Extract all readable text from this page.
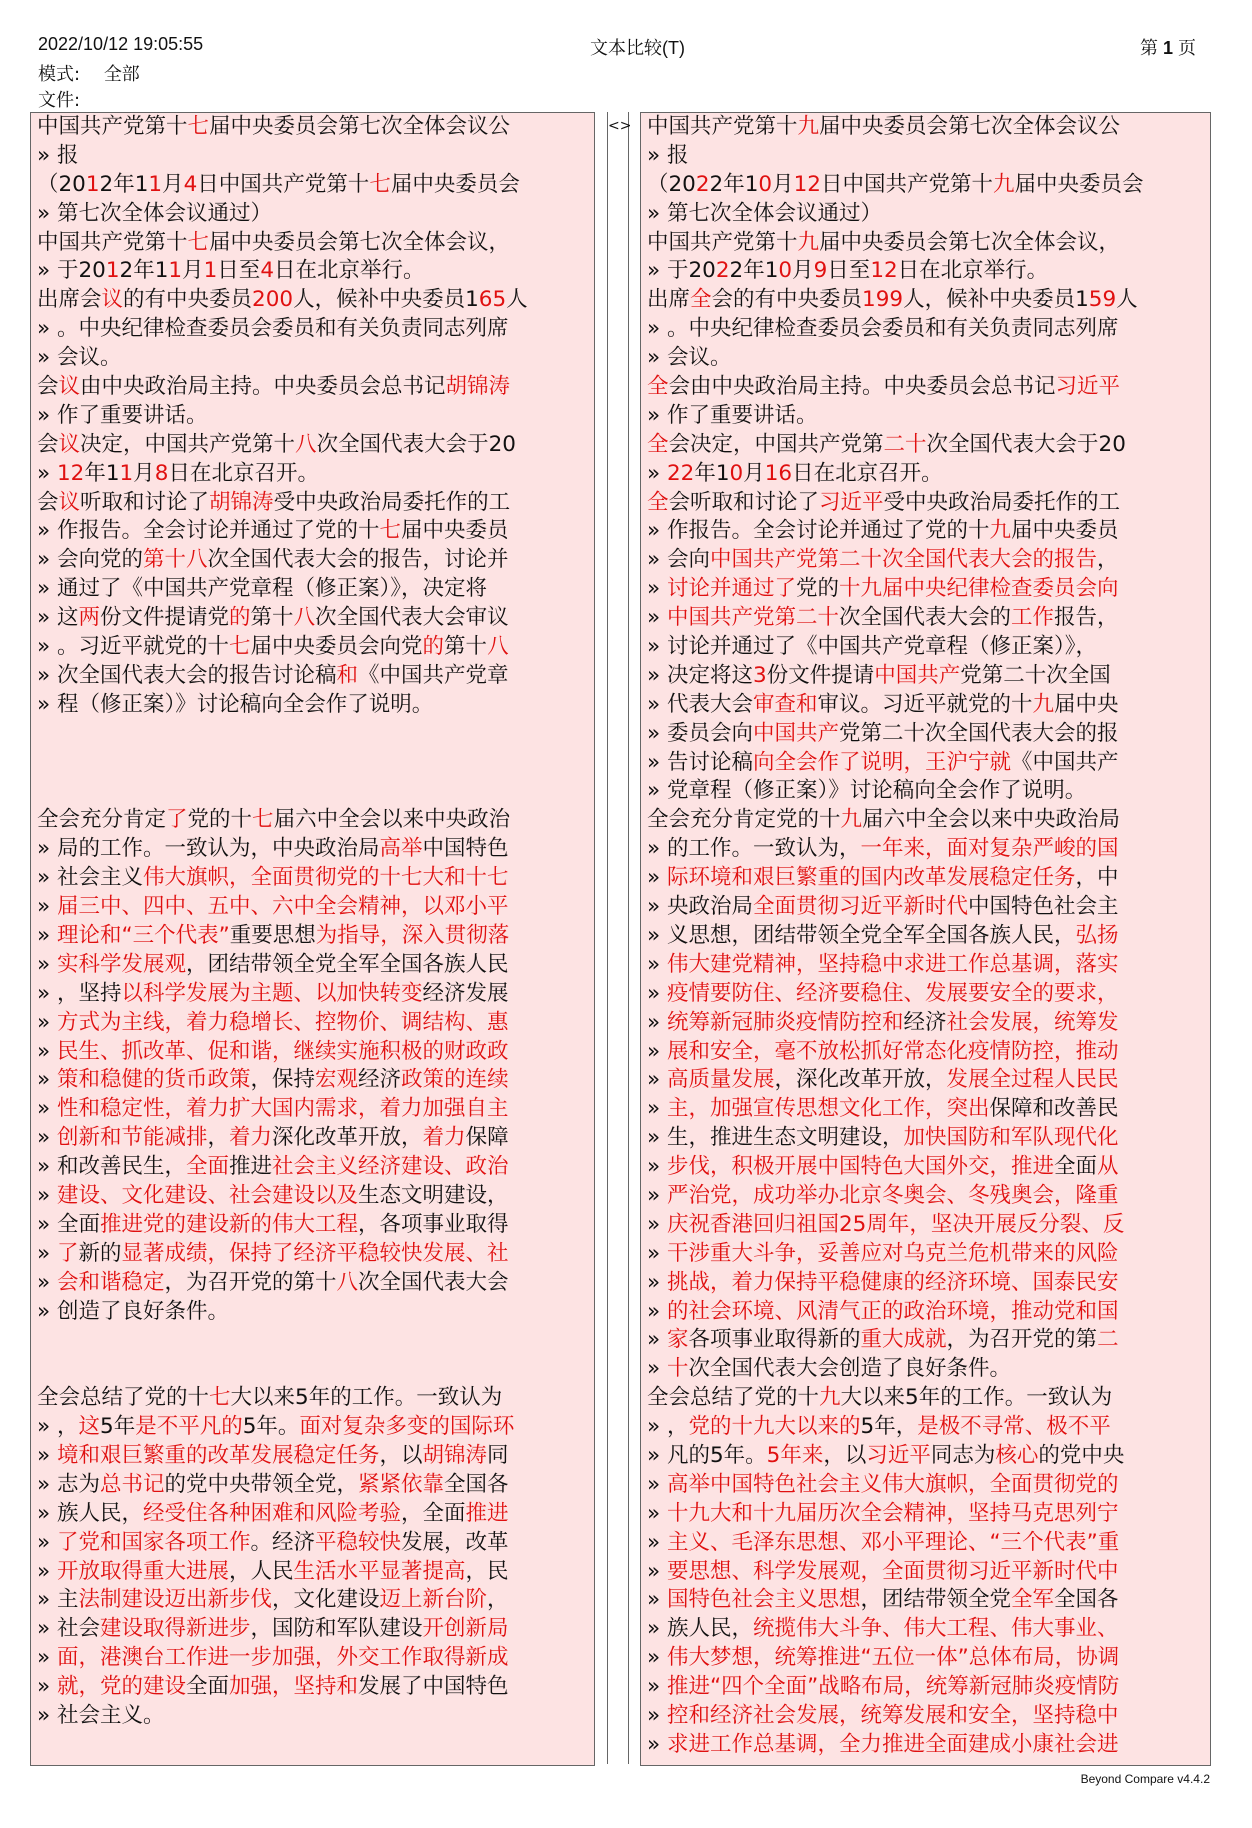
2022/10/12 19:05:55	文本比较(T)	第 1 页
模式: 全部
文件:
中国共产党第十七届中央委员会第七次全体会议公
» 报
（2012年11月4日中国共产党第十七届中央委员会
» 第七次全体会议通过）
中国共产党第十七届中央委员会第七次全体会议，
» 于2012年11月1日至4日在北京举行。
出席会议的有中央委员200人，候补中央委员165人
» 。中央纪律检查委员会委员和有关负责同志列席
» 会议。
会议由中央政治局主持。中央委员会总书记胡锦涛
» 作了重要讲话。
会议决定，中国共产党第十八次全国代表大会于20
» 12年11月8日在北京召开。
会议听取和讨论了胡锦涛受中央政治局委托作的工
» 作报告。全会讨论并通过了党的十七届中央委员
» 会向党的第十八次全国代表大会的报告，讨论并
» 通过了《中国共产党章程（修正案）》，决定将
» 这两份文件提请党的第十八次全国代表大会审议
» 。习近平就党的十七届中央委员会向党的第十八
» 次全国代表大会的报告讨论稿和《中国共产党章
» 程（修正案）》讨论稿向全会作了说明。
全会充分肯定了党的十七届六中全会以来中央政治
» 局的工作。一致认为，中央政治局高举中国特色
» 社会主义伟大旗帜，全面贯彻党的十七大和十七
» 届三中、四中、五中、六中全会精神，以邓小平
» 理论和“三个代表”重要思想为指导，深入贯彻落
» 实科学发展观，团结带领全党全军全国各族人民
» ，坚持以科学发展为主题、以加快转变经济发展
» 方式为主线，着力稳增长、控物价、调结构、惠
» 民生、抓改革、促和谐，继续实施积极的财政政
» 策和稳健的货币政策，保持宏观经济政策的连续
» 性和稳定性，着力扩大国内需求，着力加强自主
» 创新和节能减排，着力深化改革开放，着力保障
» 和改善民生，全面推进社会主义经济建设、政治
» 建设、文化建设、社会建设以及生态文明建设，
» 全面推进党的建设新的伟大工程，各项事业取得
» 了新的显著成绩，保持了经济平稳较快发展、社
» 会和谐稳定，为召开党的第十八次全国代表大会
» 创造了良好条件。
全会总结了党的十七大以来5年的工作。一致认为
» ，这5年是不平凡的5年。面对复杂多变的国际环
» 境和艰巨繁重的改革发展稳定任务，以胡锦涛同
» 志为总书记的党中央带领全党，紧紧依靠全国各
» 族人民，经受住各种困难和风险考验，全面推进
» 了党和国家各项工作。经济平稳较快发展，改革
» 开放取得重大进展，人民生活水平显著提高，民
» 主法制建设迈出新步伐，文化建设迈上新台阶，
» 社会建设取得新进步，国防和军队建设开创新局
» 面，港澳台工作进一步加强，外交工作取得新成
» 就，党的建设全面加强，坚持和发展了中国特色
» 社会主义。
<> 中国共产党第十九届中央委员会第七次全体会议公
» 报
（2022年10月12日中国共产党第十九届中央委员会
» 第七次全体会议通过）
中国共产党第十九届中央委员会第七次全体会议，
» 于2022年10月9日至12日在北京举行。
出席全会的有中央委员199人，候补中央委员159人
» 。中央纪律检查委员会委员和有关负责同志列席
» 会议。
全会由中央政治局主持。中央委员会总书记习近平
» 作了重要讲话。
全会决定，中国共产党第二十次全国代表大会于20
» 22年10月16日在北京召开。
全会听取和讨论了习近平受中央政治局委托作的工
» 作报告。全会讨论并通过了党的十九届中央委员
» 会向中国共产党第二十次全国代表大会的报告，
» 讨论并通过了党的十九届中央纪律检查委员会向
» 中国共产党第二十次全国代表大会的工作报告，
» 讨论并通过了《中国共产党章程（修正案）》，
» 决定将这3份文件提请中国共产党第二十次全国
» 代表大会审查和审议。习近平就党的十九届中央
» 委员会向中国共产党第二十次全国代表大会的报
» 告讨论稿向全会作了说明，王沪宁就《中国共产
» 党章程（修正案）》讨论稿向全会作了说明。
全会充分肯定党的十九届六中全会以来中央政治局
» 的工作。一致认为，一年来，面对复杂严峻的国
» 际环境和艰巨繁重的国内改革发展稳定任务，中
» 央政治局全面贯彻习近平新时代中国特色社会主
» 义思想，团结带领全党全军全国各族人民，弘扬
» 伟大建党精神，坚持稳中求进工作总基调，落实
» 疫情要防住、经济要稳住、发展要安全的要求，
» 统筹新冠肺炎疫情防控和经济社会发展，统筹发
» 展和安全，毫不放松抓好常态化疫情防控，推动
» 高质量发展，深化改革开放，发展全过程人民民
» 主，加强宣传思想文化工作，突出保障和改善民
» 生，推进生态文明建设，加快国防和军队现代化
» 步伐，积极开展中国特色大国外交，推进全面从
» 严治党，成功举办北京冬奥会、冬残奥会，隆重
» 庆祝香港回归祖国25周年，坚决开展反分裂、反
» 干涉重大斗争，妥善应对乌克兰危机带来的风险
» 挑战，着力保持平稳健康的经济环境、国泰民安
» 的社会环境、风清气正的政治环境，推动党和国
» 家各项事业取得新的重大成就，为召开党的第二
» 十次全国代表大会创造了良好条件。
全会总结了党的十九大以来5年的工作。一致认为
» ，党的十九大以来的5年，是极不寻常、极不平
» 凡的5年。5年来，以习近平同志为核心的党中央
» 高举中国特色社会主义伟大旗帜，全面贯彻党的
» 十九大和十九届历次全会精神，坚持马克思列宁
» 主义、毛泽东思想、邓小平理论、“三个代表”重
» 要思想、科学发展观，全面贯彻习近平新时代中
» 国特色社会主义思想，团结带领全党全军全国各
» 族人民，统揽伟大斗争、伟大工程、伟大事业、
» 伟大梦想，统筹推进“五位一体”总体布局，协调
» 推进“四个全面”战略布局，统筹新冠肺炎疫情防
» 控和经济社会发展，统筹发展和安全，坚持稳中
» 求进工作总基调，全力推进全面建成小康社会进
Beyond Compare v4.4.2
